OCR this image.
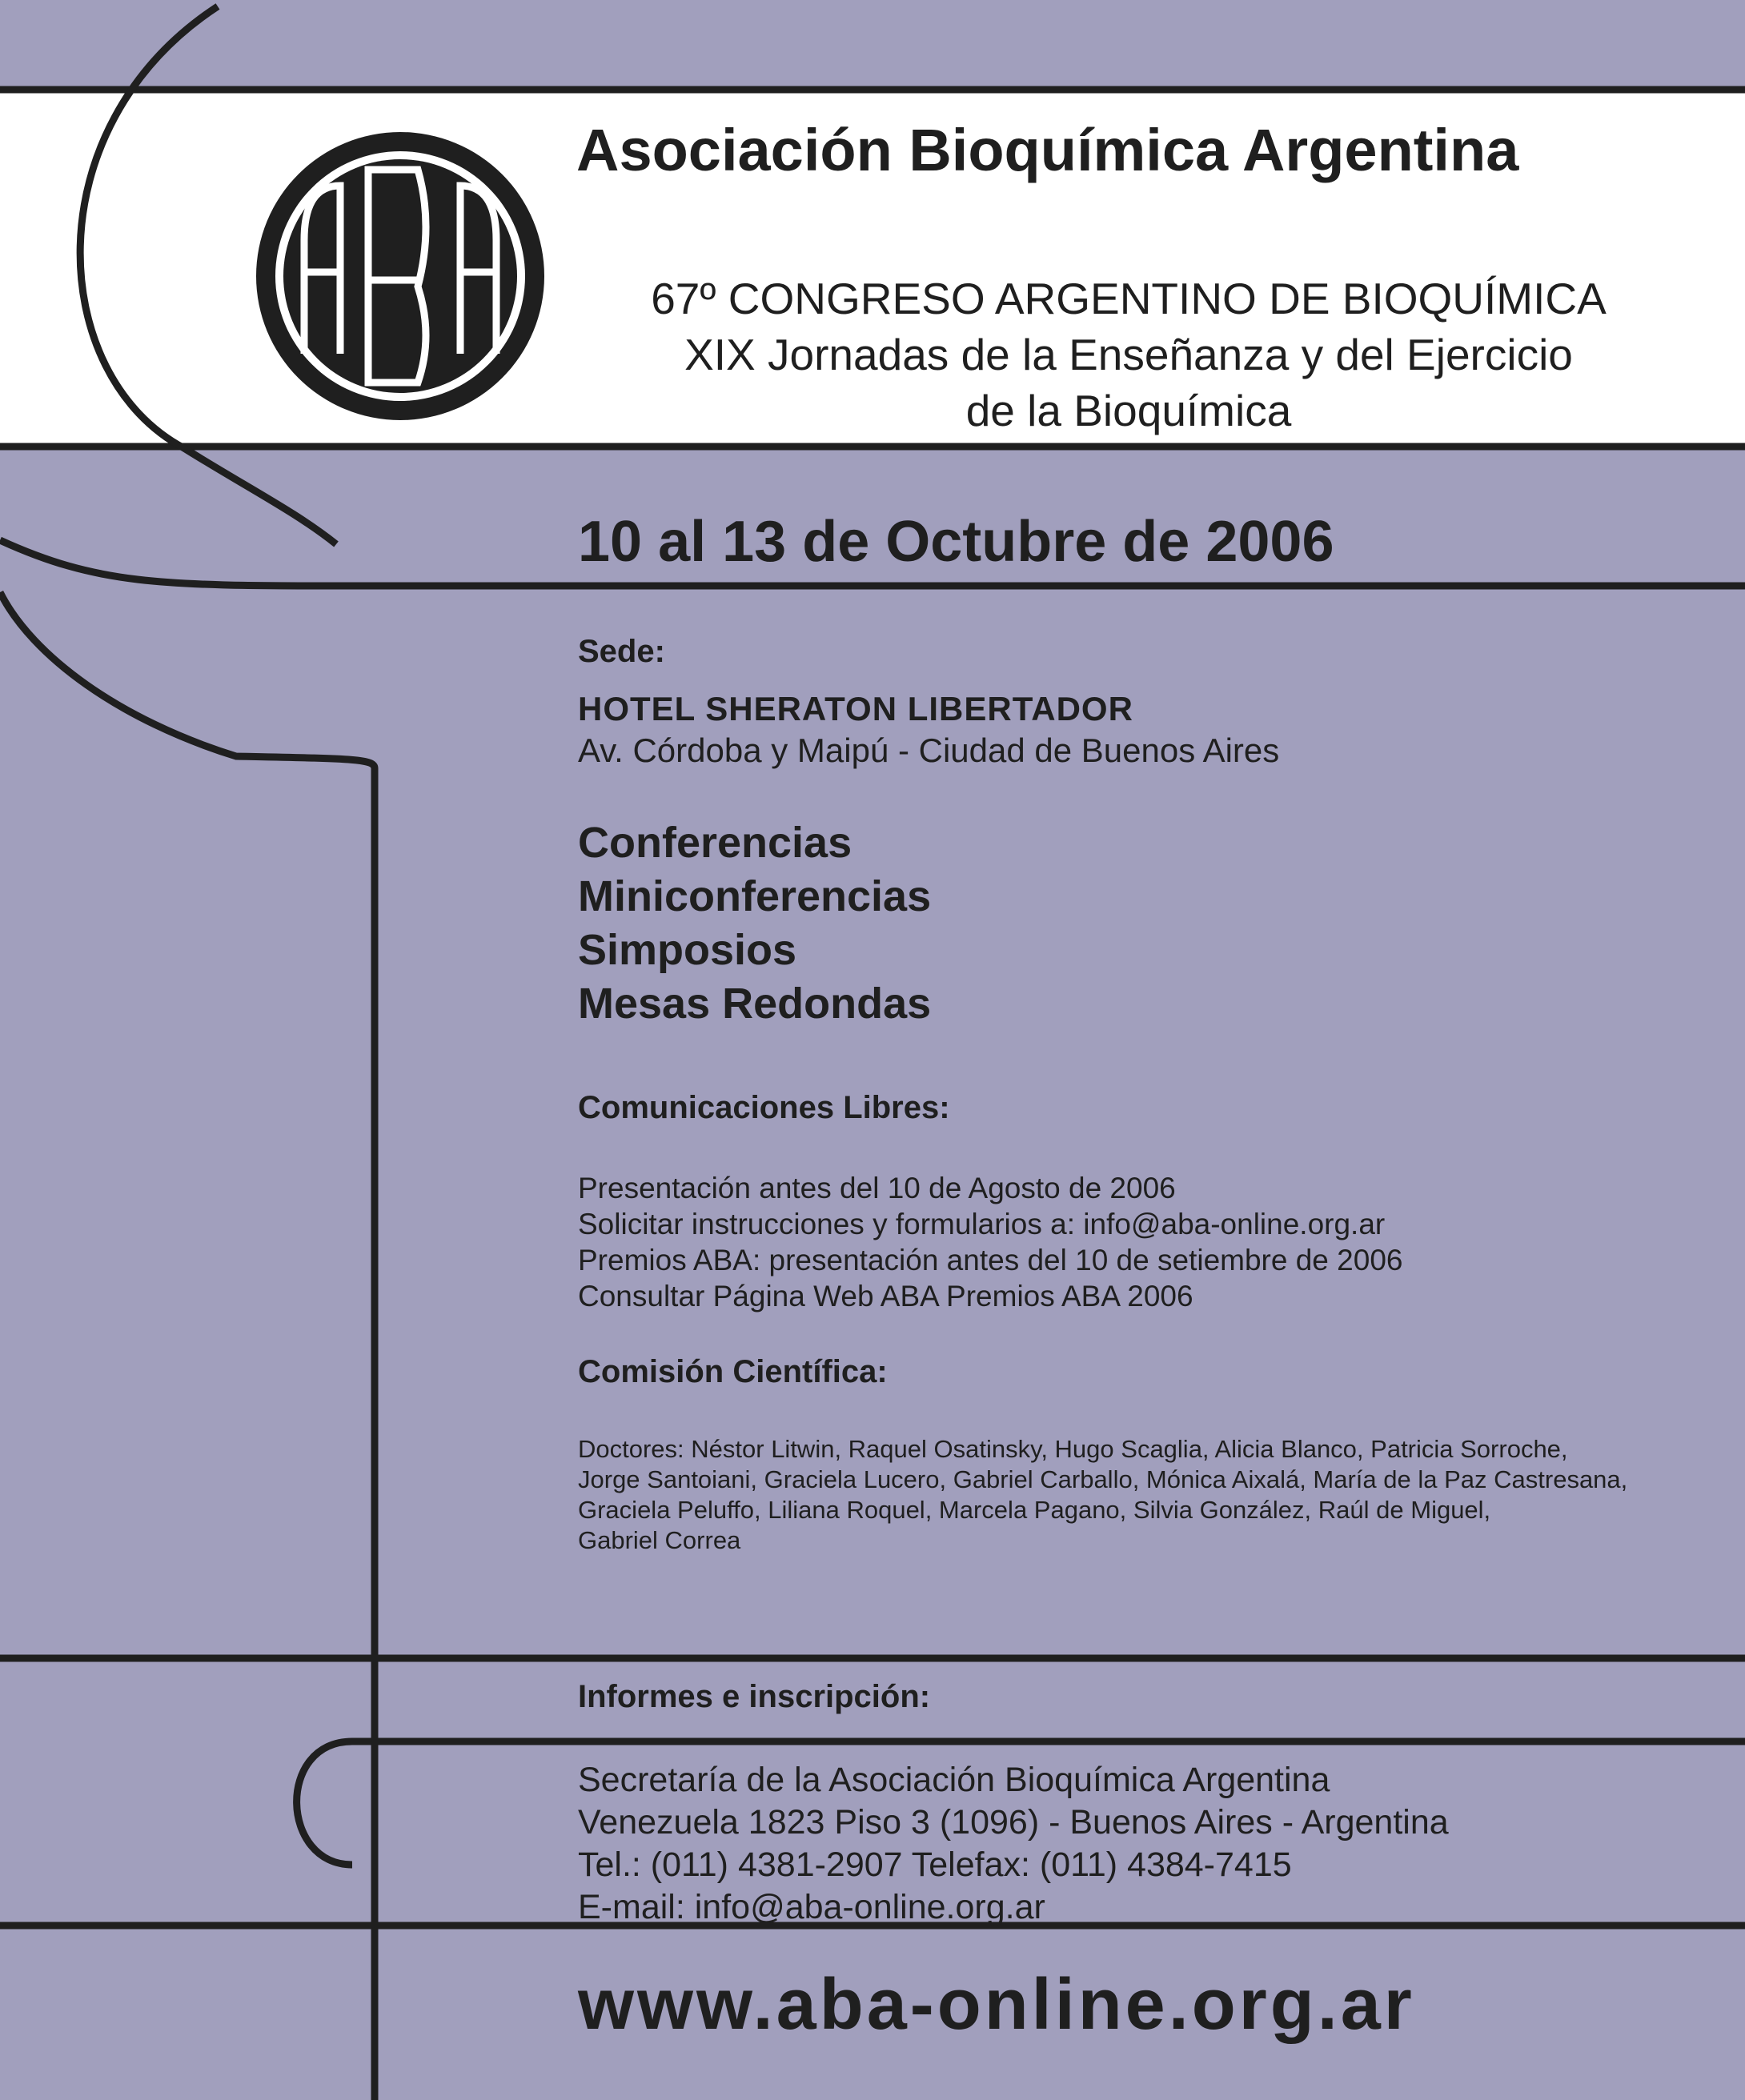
Asociación Bioquímica Argentina
67º CONGRESO ARGENTINO DE BIOQUÍMICA
XIX Jornadas de la Enseñanza y del Ejercicio
de la Bioquímica
10 al 13 de Octubre de 2006
Sede:
HOTEL SHERATON LIBERTADOR
Av. Córdoba y Maipú - Ciudad de Buenos Aires
Conferencias
Miniconferencias
Simposios
Mesas Redondas
Comunicaciones Libres:
Presentación antes del 10 de Agosto de 2006
Solicitar instrucciones y formularios a: info@aba-online.org.ar
Premios ABA: presentación antes del 10 de setiembre de 2006
Consultar Página Web ABA Premios ABA 2006
Comisión Científica:
Doctores: Néstor Litwin, Raquel Osatinsky, Hugo Scaglia, Alicia Blanco, Patricia Sorroche,
Jorge Santoiani, Graciela Lucero, Gabriel Carballo, Mónica Aixalá, María de la Paz Castresana,
Graciela Peluffo, Liliana Roquel, Marcela Pagano, Silvia González, Raúl de Miguel,
Gabriel Correa
Informes e inscripción:
Secretaría de la Asociación Bioquímica Argentina
Venezuela 1823 Piso 3 (1096) - Buenos Aires - Argentina
Tel.: (011) 4381-2907 Telefax: (011) 4384-7415
E-mail: info@aba-online.org.ar
www.aba-online.org.ar
